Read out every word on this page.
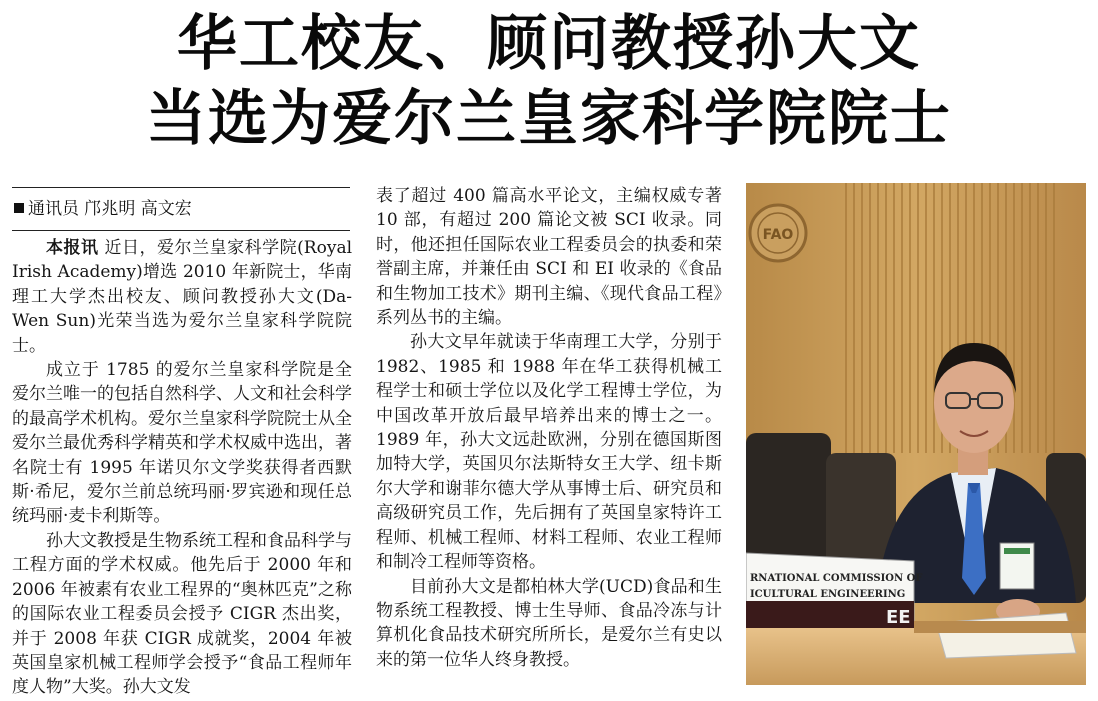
华工校友、顾问教授孙大文
当选为爱尔兰皇家科学院院士
通讯员 邝兆明 高文宏

本报讯 近日，爱尔兰皇家科学院(Royal Irish Academy)增选 2010 年新院士，华南理工大学杰出校友、顾问教授孙大文(Da-Wen Sun)光荣当选为爱尔兰皇家科学院院士。

成立于 1785 的爱尔兰皇家科学院是全爱尔兰唯一的包括自然科学、人文和社会科学的最高学术机构。爱尔兰皇家科学院院士从全爱尔兰最优秀科学精英和学术权威中选出，著名院士有 1995 年诺贝尔文学奖获得者西默斯·希尼，爱尔兰前总统玛丽·罗宾逊和现任总统玛丽·麦卡利斯等。

孙大文教授是生物系统工程和食品科学与工程方面的学术权威。他先后于 2000 年和 2006 年被素有农业工程界的“奥林匹克”之称的国际农业工程委员会授予 CIGR 杰出奖，并于 2008 年获 CIGR 成就奖，2004 年被英国皇家机械工程师学会授予“食品工程师年度人物”大奖。孙大文发

表了超过 400 篇高水平论文，主编权威专著 10 部，有超过 200 篇论文被 SCI 收录。同时，他还担任国际农业工程委员会的执委和荣誉副主席，并兼任由 SCI 和 EI 收录的《食品和生物加工技术》期刊主编、《现代食品工程》系列丛书的主编。

孙大文早年就读于华南理工大学，分别于 1982、1985 和 1988 年在华工获得机械工程学士和硕士学位以及化学工程博士学位，为中国改革开放后最早培养出来的博士之一。1989 年，孙大文远赴欧洲，分别在德国斯图加特大学，英国贝尔法斯特女王大学、纽卡斯尔大学和谢菲尔德大学从事博士后、研究员和高级研究员工作，先后拥有了英国皇家特许工程师、机械工程师、材料工程师、农业工程师和制冷工程师等资格。

目前孙大文是都柏林大学(UCD)食品和生物系统工程教授、博士生导师、食品冷冻与计算机化食品技术研究所所长，是爱尔兰有史以来的第一位华人终身教授。

FAO
RNATIONAL COMMISSION OF
ICULTURAL ENGINEERING
EE
